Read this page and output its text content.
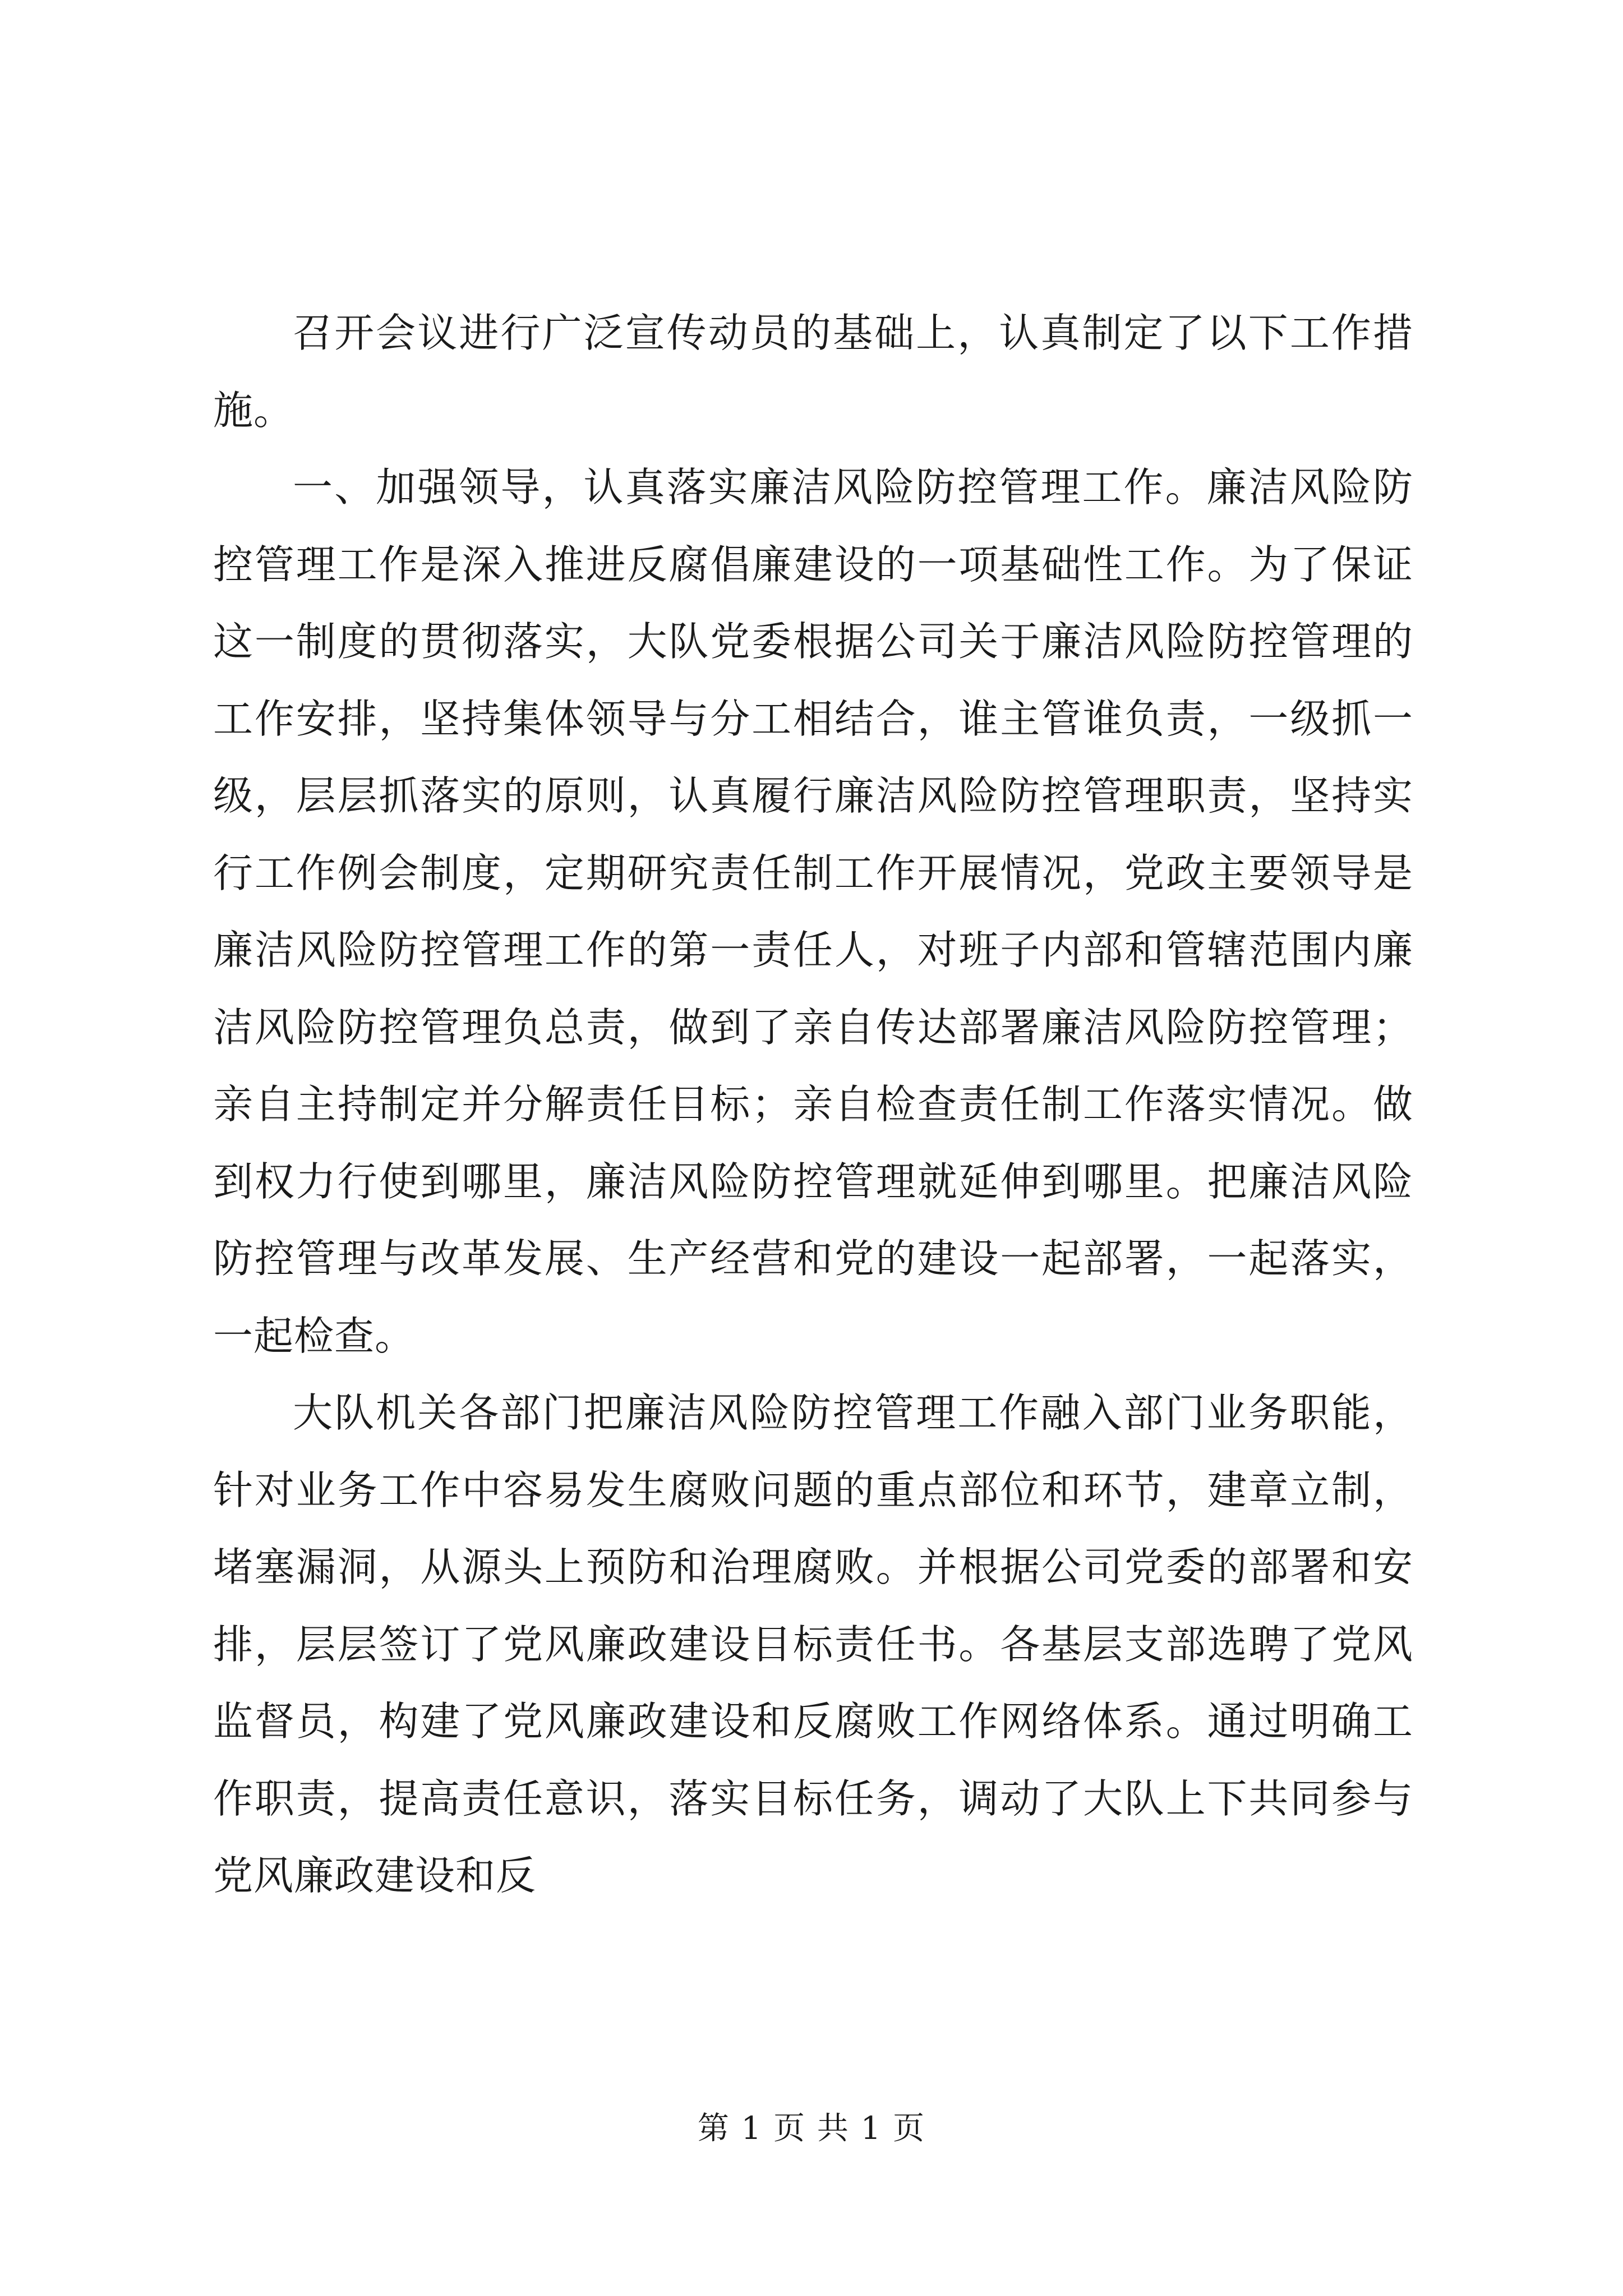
召开会议进行广泛宣传动员的基础上，认真制定了以下工作措施。

一、加强领导，认真落实廉洁风险防控管理工作。廉洁风险防控管理工作是深入推进反腐倡廉建设的一项基础性工作。为了保证这一制度的贯彻落实，大队党委根据公司关于廉洁风险防控管理的工作安排，坚持集体领导与分工相结合，谁主管谁负责，一级抓一级，层层抓落实的原则，认真履行廉洁风险防控管理职责，坚持实行工作例会制度，定期研究责任制工作开展情况，党政主要领导是廉洁风险防控管理工作的第一责任人，对班子内部和管辖范围内廉洁风险防控管理负总责，做到了亲自传达部署廉洁风险防控管理；亲自主持制定并分解责任目标；亲自检查责任制工作落实情况。做到权力行使到哪里，廉洁风险防控管理就延伸到哪里。把廉洁风险防控管理与改革发展、生产经营和党的建设一起部署，一起落实，一起检查。

大队机关各部门把廉洁风险防控管理工作融入部门业务职能，针对业务工作中容易发生腐败问题的重点部位和环节，建章立制，堵塞漏洞，从源头上预防和治理腐败。并根据公司党委的部署和安排，层层签订了党风廉政建设目标责任书。各基层支部选聘了党风监督员，构建了党风廉政建设和反腐败工作网络体系。通过明确工作职责，提高责任意识，落实目标任务，调动了大队上下共同参与党风廉政建设和反

第 1 页 共 1 页
